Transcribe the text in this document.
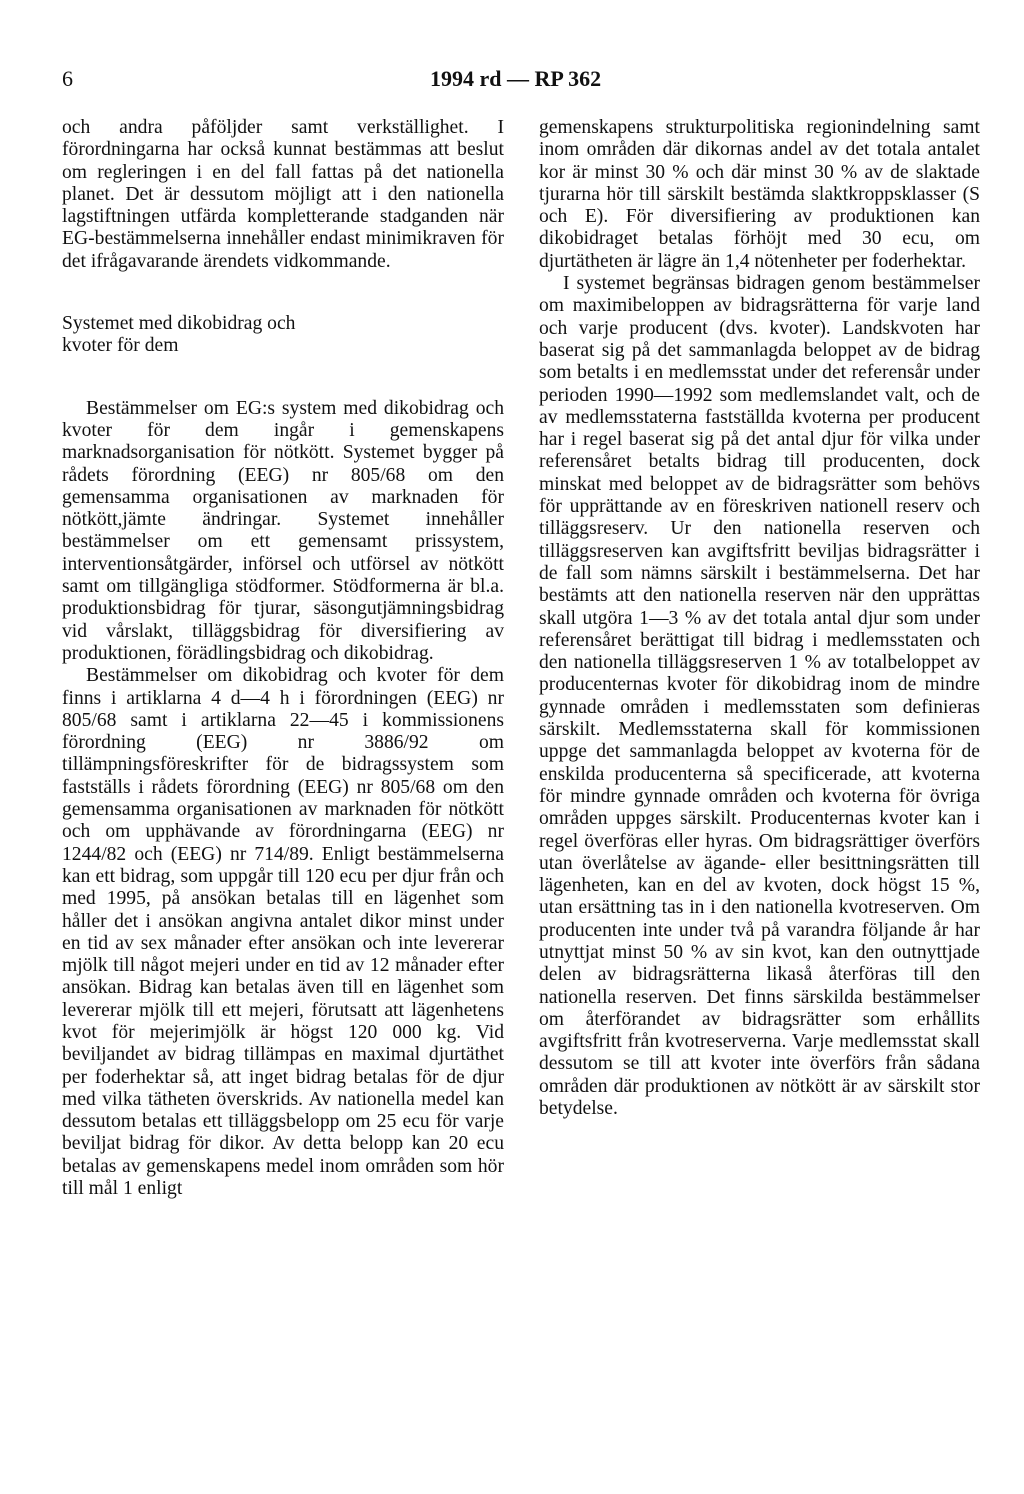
6	1994 rd — RP 362

och andra påföljder samt verkställighet. I förordningarna har också kunnat bestämmas att beslut om regleringen i en del fall fattas på det nationella planet. Det är dessutom möjligt att i den nationella lagstiftningen utfärda kompletterande stadganden när EG-bestämmelserna innehåller endast minimikraven för det ifrågavarande ärendets vidkommande.

Systemet med dikobidrag och
kvoter för dem

Bestämmelser om EG:s system med dikobidrag och kvoter för dem ingår i gemenskapens marknadsorganisation för nötkött. Systemet bygger på rådets förordning (EEG) nr 805/68 om den gemensamma organisationen av marknaden för nötkött,jämte ändringar. Systemet innehåller bestämmelser om ett gemensamt prissystem, interventionsåtgärder, införsel och utförsel av nötkött samt om tillgängliga stödformer. Stödformerna är bl.a. produktionsbidrag för tjurar, säsongutjämningsbidrag vid vårslakt, tilläggsbidrag för diversifiering av produktionen, förädlingsbidrag och dikobidrag.

Bestämmelser om dikobidrag och kvoter för dem finns i artiklarna 4 d—4 h i förordningen (EEG) nr 805/68 samt i artiklarna 22—45 i kommissionens förordning (EEG) nr 3886/92 om tillämpningsföreskrifter för de bidragssystem som fastställs i rådets förordning (EEG) nr 805/68 om den gemensamma organisationen av marknaden för nötkött och om upphävande av förordningarna (EEG) nr 1244/82 och (EEG) nr 714/89. Enligt bestämmelserna kan ett bidrag, som uppgår till 120 ecu per djur från och med 1995, på ansökan betalas till en lägenhet som håller det i ansökan angivna antalet dikor minst under en tid av sex månader efter ansökan och inte levererar mjölk till något mejeri under en tid av 12 månader efter ansökan. Bidrag kan betalas även till en lägenhet som levererar mjölk till ett mejeri, förutsatt att lägenhetens kvot för mejerimjölk är högst 120 000 kg. Vid beviljandet av bidrag tillämpas en maximal djurtäthet per foderhektar så, att inget bidrag betalas för de djur med vilka tätheten överskrids. Av nationella medel kan dessutom betalas ett tilläggsbelopp om 25 ecu för varje beviljat bidrag för dikor. Av detta belopp kan 20 ecu betalas av gemenskapens medel inom områden som hör till mål 1 enligt

gemenskapens strukturpolitiska regionindelning samt inom områden där dikornas andel av det totala antalet kor är minst 30 % och där minst 30 % av de slaktade tjurarna hör till särskilt bestämda slaktkroppsklasser (S och E). För diversifiering av produktionen kan dikobidraget betalas förhöjt med 30 ecu, om djurtätheten är lägre än 1,4 nötenheter per foderhektar.

I systemet begränsas bidragen genom bestämmelser om maximibeloppen av bidragsrätterna för varje land och varje producent (dvs. kvoter). Landskvoten har baserat sig på det sammanlagda beloppet av de bidrag som betalts i en medlemsstat under det referensår under perioden 1990—1992 som medlemslandet valt, och de av medlemsstaterna fastställda kvoterna per producent har i regel baserat sig på det antal djur för vilka under referensåret betalts bidrag till producenten, dock minskat med beloppet av de bidragsrätter som behövs för upprättande av en föreskriven nationell reserv och tilläggsreserv. Ur den nationella reserven och tilläggsreserven kan avgiftsfritt beviljas bidragsrätter i de fall som nämns särskilt i bestämmelserna. Det har bestämts att den nationella reserven när den upprättas skall utgöra 1—3 % av det totala antal djur som under referensåret berättigat till bidrag i medlemsstaten och den nationella tilläggsreserven 1 % av totalbeloppet av producenternas kvoter för dikobidrag inom de mindre gynnade områden i medlemsstaten som definieras särskilt. Medlemsstaterna skall för kommissionen uppge det sammanlagda beloppet av kvoterna för de enskilda producenterna så specificerade, att kvoterna för mindre gynnade områden och kvoterna för övriga områden uppges särskilt. Producenternas kvoter kan i regel överföras eller hyras. Om bidragsrättiger överförs utan överlåtelse av ägande- eller besittningsrätten till lägenheten, kan en del av kvoten, dock högst 15 %, utan ersättning tas in i den nationella kvotreserven. Om producenten inte under två på varandra följande år har utnyttjat minst 50 % av sin kvot, kan den outnyttjade delen av bidragsrätterna likaså återföras till den nationella reserven. Det finns särskilda bestämmelser om återförandet av bidragsrätter som erhållits avgiftsfritt från kvotreserverna. Varje medlemsstat skall dessutom se till att kvoter inte överförs från sådana områden där produktionen av nötkött är av särskilt stor betydelse.
